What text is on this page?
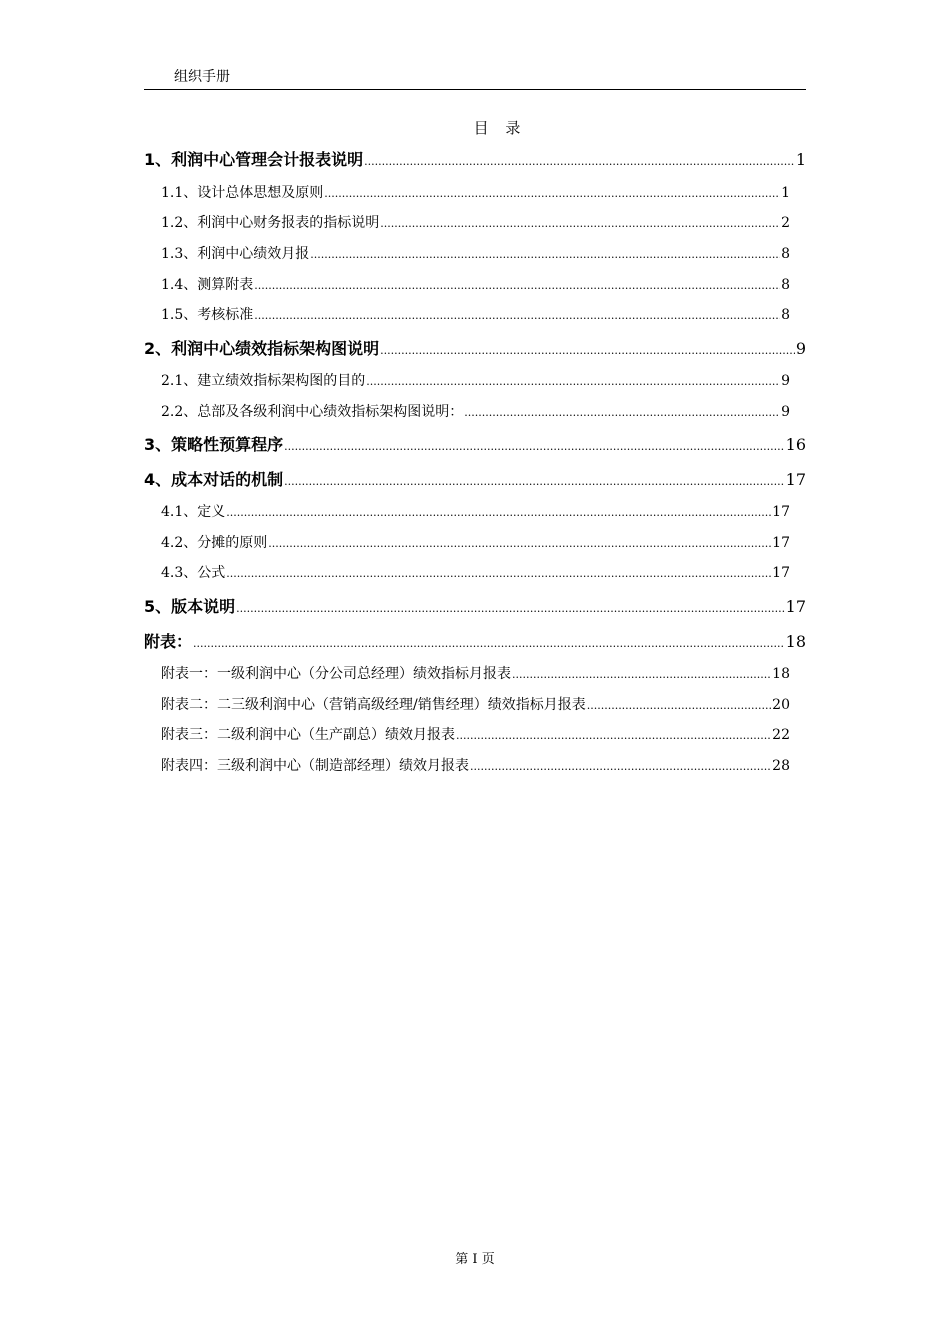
组织手册
目 录
1、利润中心管理会计报表说明 .....	1
1.1、设计总体思想及原则 .....	1
1.2、利润中心财务报表的指标说明 .....	2
1.3、利润中心绩效月报 .....	8
1.4、测算附表 .....	8
1.5、考核标准 .....	8
2、利润中心绩效指标架构图说明 .....	9
2.1、建立绩效指标架构图的目的 .....	9
2.2、总部及各级利润中心绩效指标架构图说明： .....	9
3、策略性预算程序 .....	16
4、成本对话的机制 .....	17
4.1、定义 .....	17
4.2、分摊的原则 .....	17
4.3、公式 .....	17
5、版本说明 .....	17
附表： .....	18
附表一：一级利润中心（分公司总经理）绩效指标月报表 .....	18
附表二：二三级利润中心（营销高级经理/销售经理）绩效指标月报表 .....	20
附表三：二级利润中心（生产副总）绩效月报表 .....	22
附表四：三级利润中心（制造部经理）绩效月报表 .....	28
第 I 页
